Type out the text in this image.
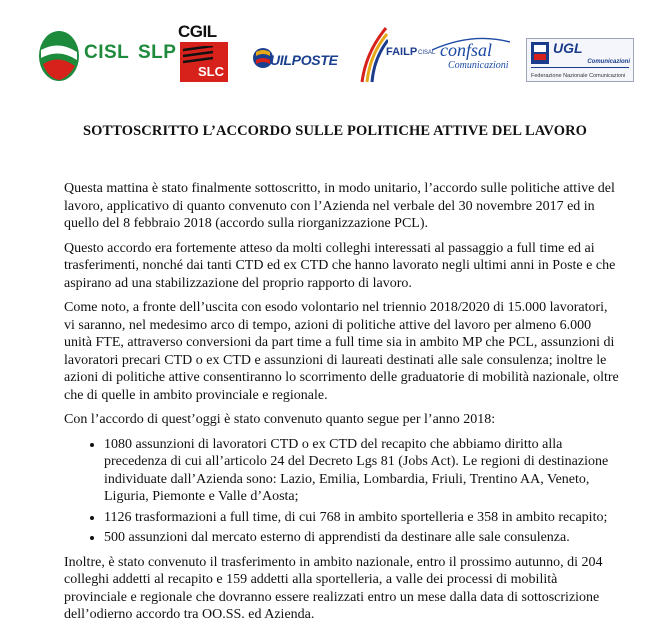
CISL SLP
CGIL
SLC
UILPOSTE	FAILP CISAL confsal
Comunicazioni
UGL
Comunicazioni
Federazione Nazionale Comunicazioni
SOTTOSCRITTO L’ACCORDO SULLE POLITICHE ATTIVE DEL LAVORO

Questa mattina è stato finalmente sottoscritto, in modo unitario, l’accordo sulle politiche attive del lavoro, applicativo di quanto convenuto con l’Azienda nel verbale del 30 novembre 2017 ed in quello del 8 febbraio 2018 (accordo sulla riorganizzazione PCL).

Questo accordo era fortemente atteso da molti colleghi interessati al passaggio a full time ed ai trasferimenti, nonché dai tanti CTD ed ex CTD che hanno lavorato negli ultimi anni in Poste e che aspirano ad una stabilizzazione del proprio rapporto di lavoro.

Come noto, a fronte dell’uscita con esodo volontario nel triennio 2018/2020 di 15.000 lavoratori, vi saranno, nel medesimo arco di tempo, azioni di politiche attive del lavoro per almeno 6.000 unità FTE, attraverso conversioni da part time a full time sia in ambito MP che PCL, assunzioni di lavoratori precari CTD o ex CTD e assunzioni di laureati destinati alle sale consulenza; inoltre le azioni di politiche attive consentiranno lo scorrimento delle graduatorie di mobilità nazionale, oltre che di quelle in ambito provinciale e regionale.

Con l’accordo di quest’oggi è stato convenuto quanto segue per l’anno 2018:

• 1080 assunzioni di lavoratori CTD o ex CTD del recapito che abbiamo diritto alla precedenza di cui all’articolo 24 del Decreto Lgs 81 (Jobs Act). Le regioni di destinazione individuate dall’Azienda sono: Lazio, Emilia, Lombardia, Friuli, Trentino AA, Veneto, Liguria, Piemonte e Valle d’Aosta;
• 1126 trasformazioni a full time, di cui 768 in ambito sportelleria e 358 in ambito recapito;
• 500 assunzioni dal mercato esterno di apprendisti da destinare alle sale consulenza.

Inoltre, è stato convenuto il trasferimento in ambito nazionale, entro il prossimo autunno, di 204 colleghi addetti al recapito e 159 addetti alla sportelleria, a valle dei processi di mobilità provinciale e regionale che dovranno essere realizzati entro un mese dalla data di sottoscrizione dell’odierno accordo tra OO.SS. ed Azienda.
